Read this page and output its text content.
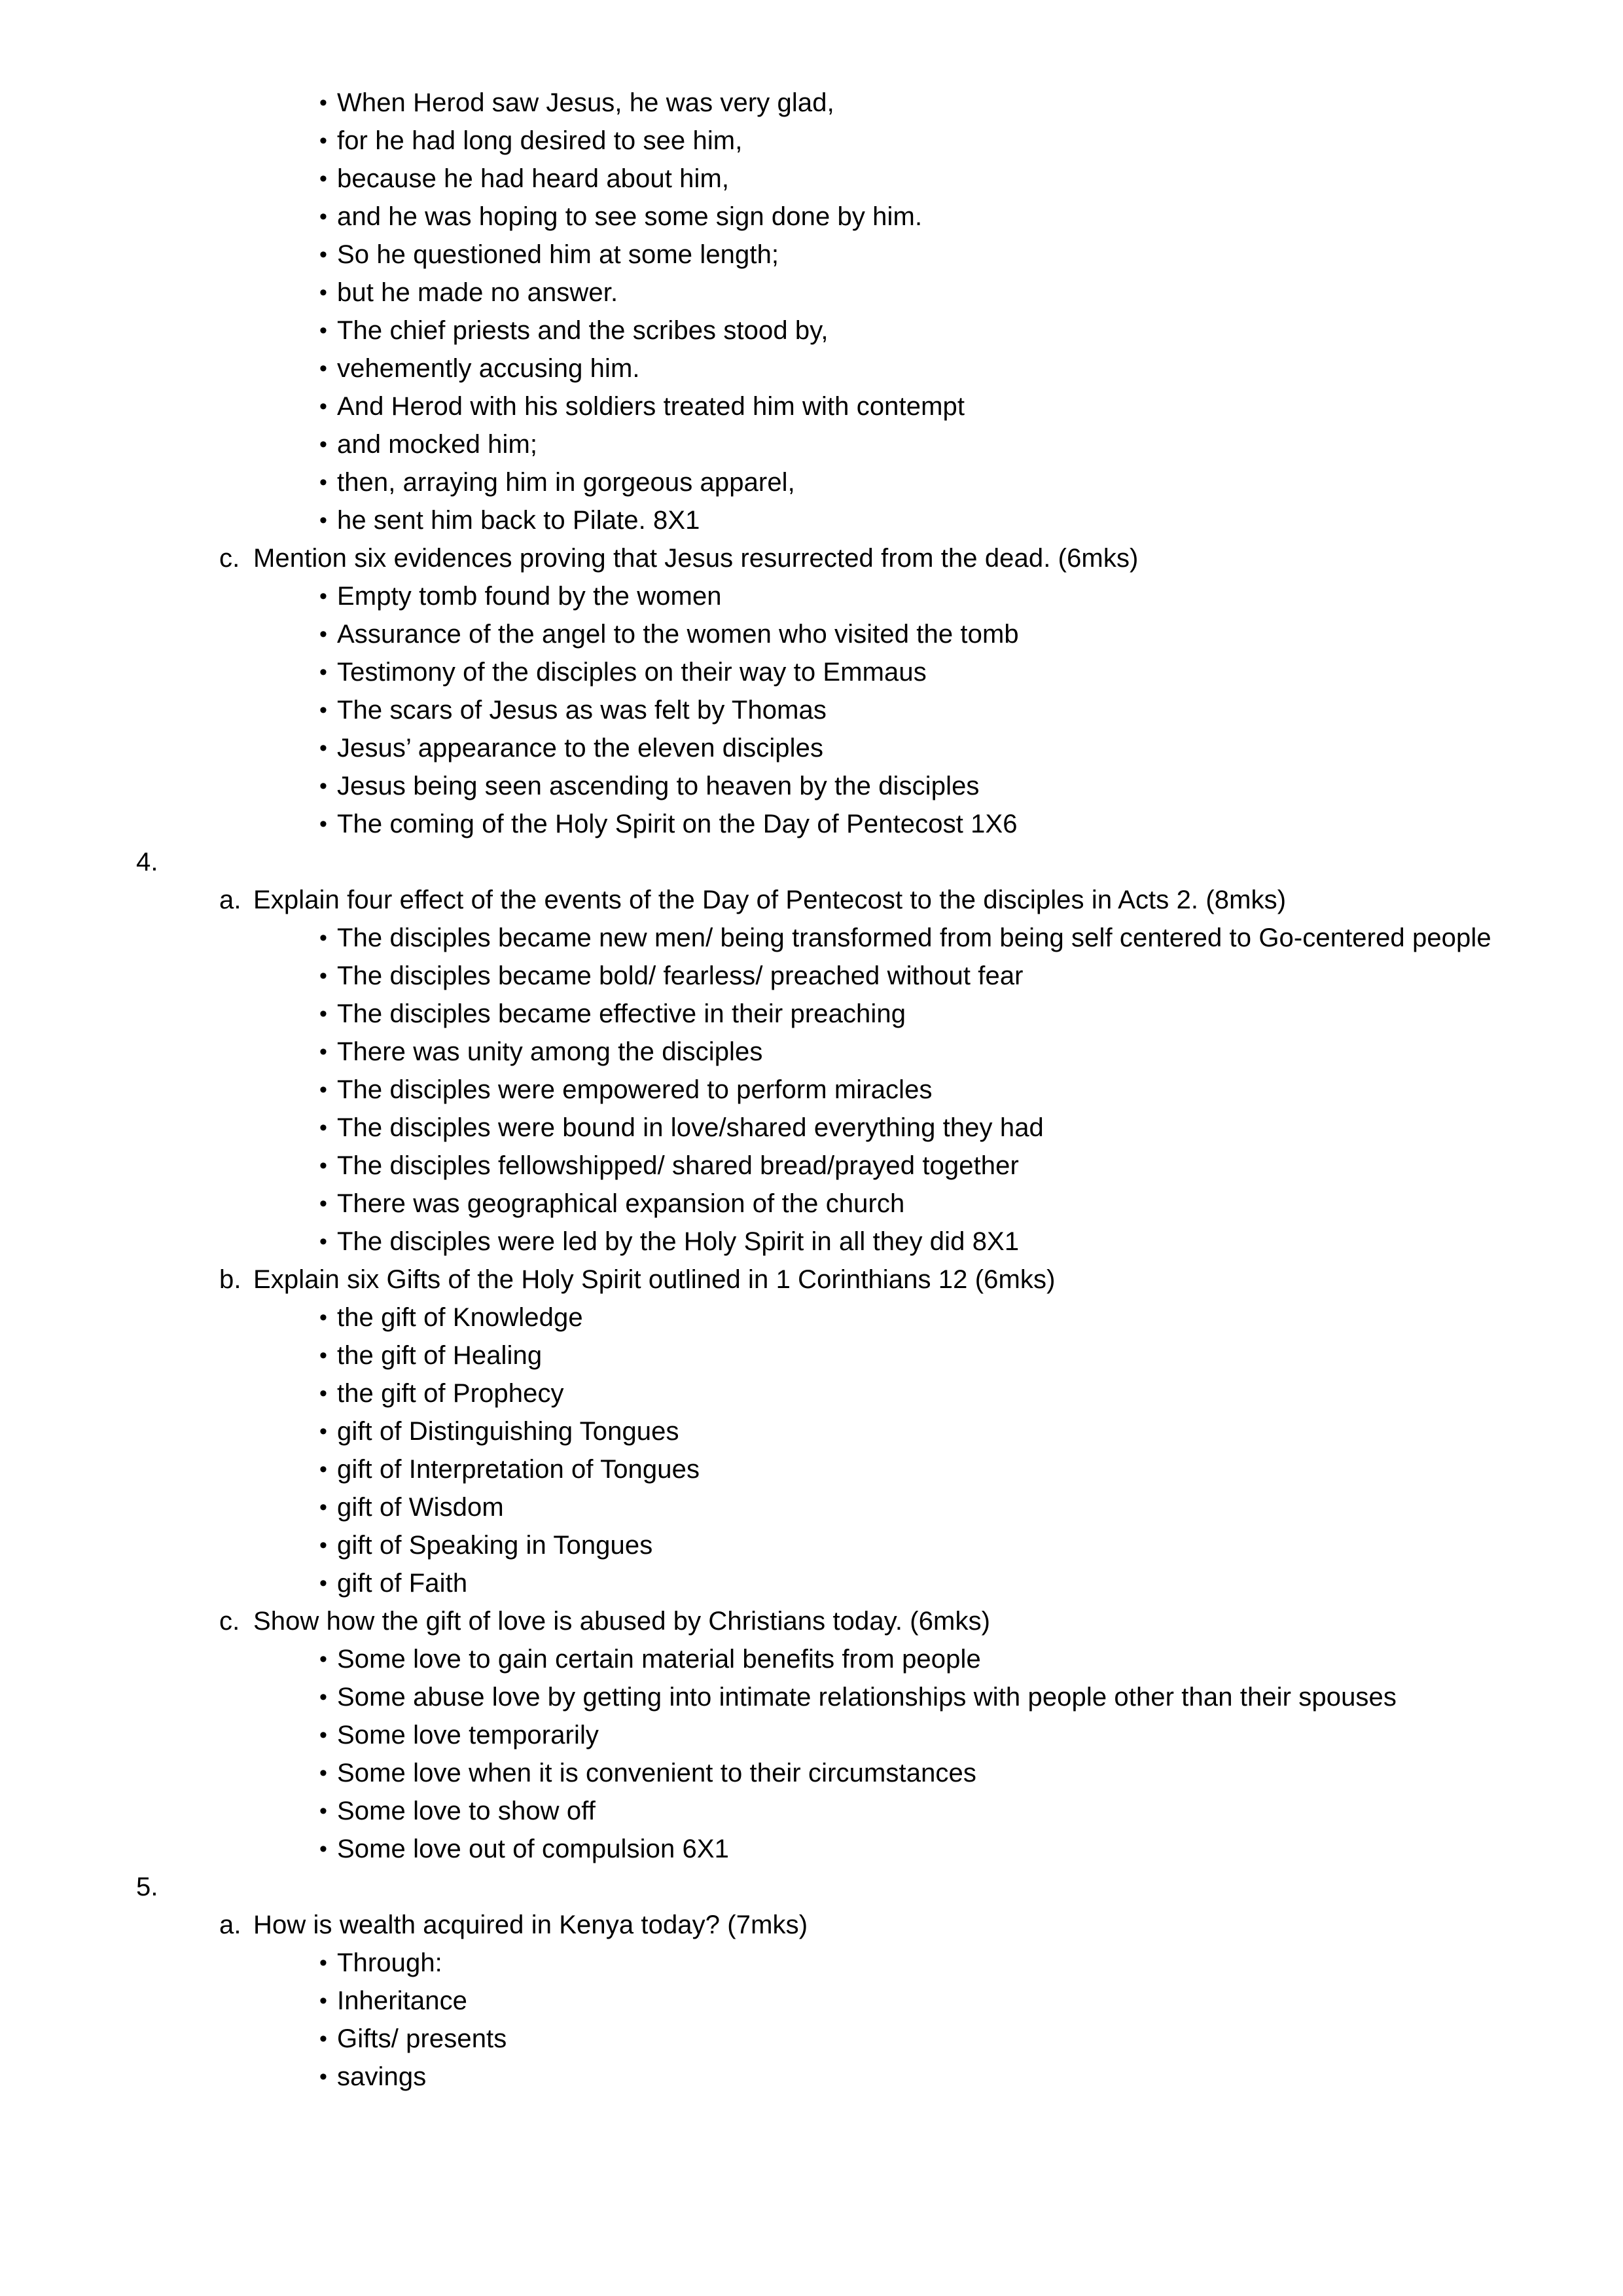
• When Herod saw Jesus, he was very glad,
• for he had long desired to see him,
• because he had heard about him,
• and he was hoping to see some sign done by him.
• So he questioned him at some length;
• but he made no answer.
• The chief priests and the scribes stood by,
• vehemently accusing him.
• And Herod with his soldiers treated him with contempt
• and mocked him;
• then, arraying him in gorgeous apparel,
• he sent him back to Pilate. 8X1
c. Mention six evidences proving that Jesus resurrected from the dead. (6mks)
• Empty tomb found by the women
• Assurance of the angel to the women who visited the tomb
• Testimony of the disciples on their way to Emmaus
• The scars of Jesus as was felt by Thomas
• Jesus’ appearance to the eleven disciples
• Jesus being seen ascending to heaven by the disciples
• The coming of the Holy Spirit on the Day of Pentecost 1X6
4.
a. Explain four effect of the events of the Day of Pentecost to the disciples in Acts 2. (8mks)
• The disciples became new men/ being transformed from being self centered to Go-centered people
• The disciples became bold/ fearless/ preached without fear
• The disciples became effective in their preaching
• There was unity among the disciples
• The disciples were empowered to perform miracles
• The disciples were bound in love/shared everything they had
• The disciples fellowshipped/ shared bread/prayed together
• There was geographical expansion of the church
• The disciples were led by the Holy Spirit in all they did 8X1
b. Explain six Gifts of the Holy Spirit outlined in 1 Corinthians 12 (6mks)
• the gift of Knowledge
• the gift of Healing
• the gift of Prophecy
• gift of Distinguishing Tongues
• gift of Interpretation of Tongues
• gift of Wisdom
• gift of Speaking in Tongues
• gift of Faith
c. Show how the gift of love is abused by Christians today. (6mks)
• Some love to gain certain material benefits from people
• Some abuse love by getting into intimate relationships with people other than their spouses
• Some love temporarily
• Some love when it is convenient to their circumstances
• Some love to show off
• Some love out of compulsion 6X1
5.
a. How is wealth acquired in Kenya today? (7mks)
• Through:
• Inheritance
• Gifts/ presents
• savings
